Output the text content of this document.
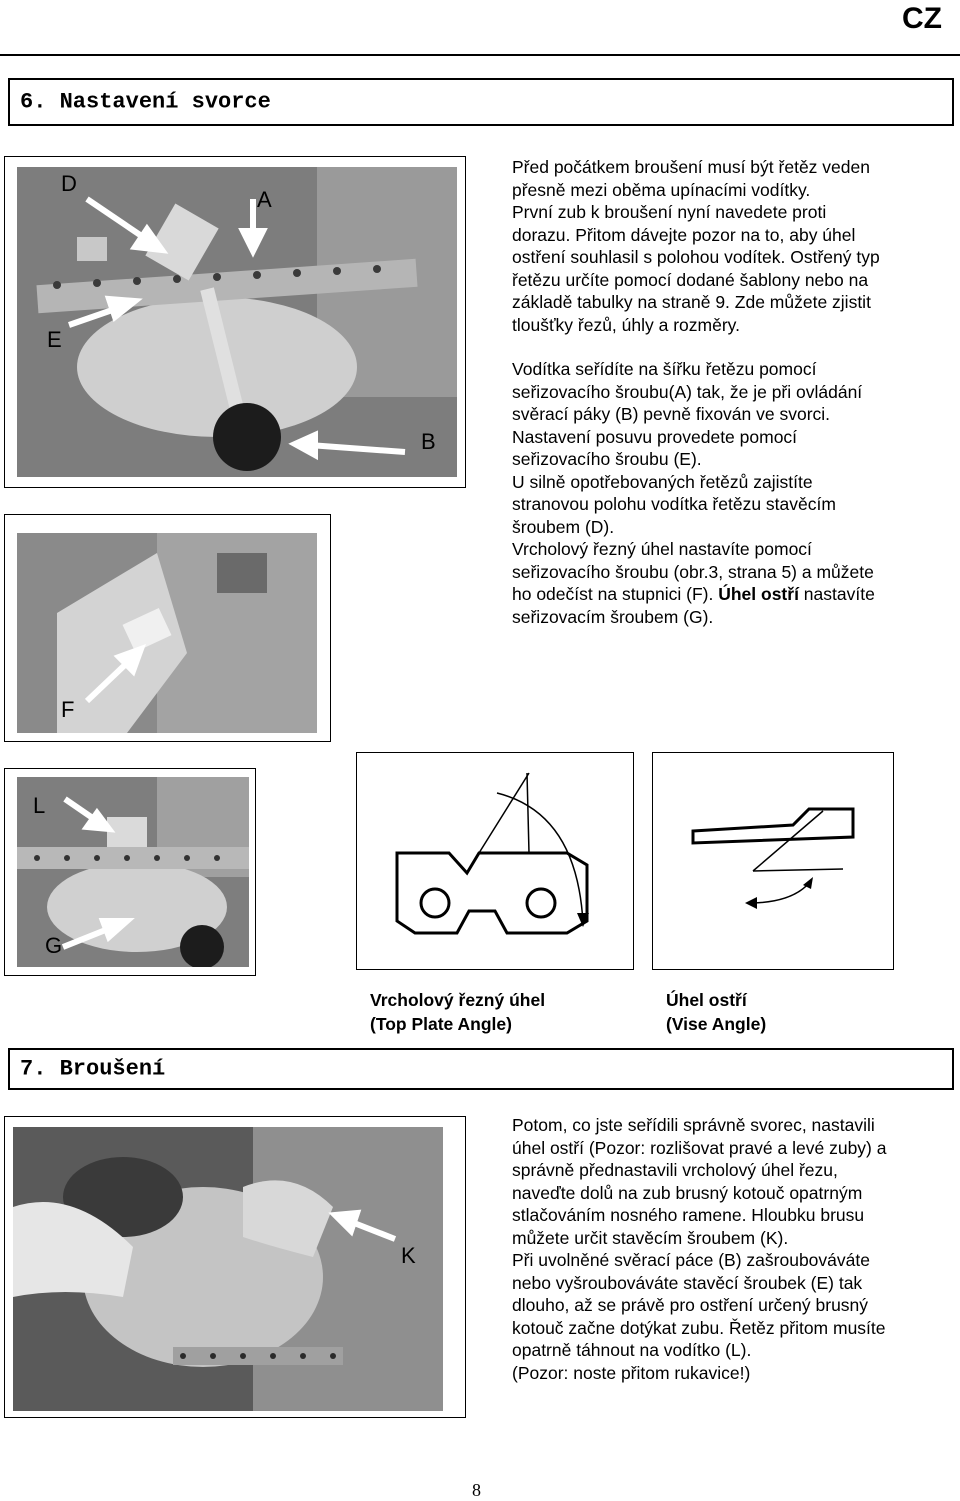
CZ
6. Nastavení svorce
D
A
E
B
F
Před počátkem broušení musí být řetěz veden
přesně mezi oběma upínacími vodítky.
První zub k broušení nyní navedete proti
dorazu. Přitom dávejte pozor na to, aby úhel
ostření souhlasil s polohou vodítek. Ostřený typ
řetězu určíte pomocí dodané šablony nebo na
základě tabulky na straně 9. Zde můžete zjistit
tloušťky řezů, úhly a rozměry.
Vodítka seřídíte na šířku řetězu pomocí
seřizovacího šroubu(A) tak, že je při ovládání
svěrací páky (B) pevně fixován ve svorci.
Nastavení posuvu provedete pomocí
seřizovacího šroubu (E).
U silně opotřebovaných řetězů zajistíte
stranovou polohu vodítka řetězu stavěcím
šroubem (D).
Vrcholový řezný úhel nastavíte pomocí
seřizovacího šroubu (obr.3, strana 5) a můžete
ho odečíst na stupnici (F). Úhel ostří nastavíte
seřizovacím šroubem (G).
L
G
Vrcholový řezný úhel
(Top Plate Angle)
Úhel ostří
(Vise Angle)
7. Broušení
K
Potom, co jste seřídili správně svorec, nastavili
úhel ostří (Pozor: rozlišovat pravé a levé zuby) a
správně přednastavili vrcholový úhel řezu,
naveďte dolů na zub brusný kotouč opatrným
stlačováním nosného ramene. Hloubku brusu
můžete určit stavěcím šroubem (K).
Při uvolněné svěrací páce (B) zašroubováváte
nebo vyšroubováváte stavěcí šroubek (E) tak
dlouho, až se právě pro ostření určený brusný
kotouč začne dotýkat zubu. Řetěz přitom musíte
opatrně táhnout na vodítko (L).
(Pozor: noste přitom rukavice!)
8
